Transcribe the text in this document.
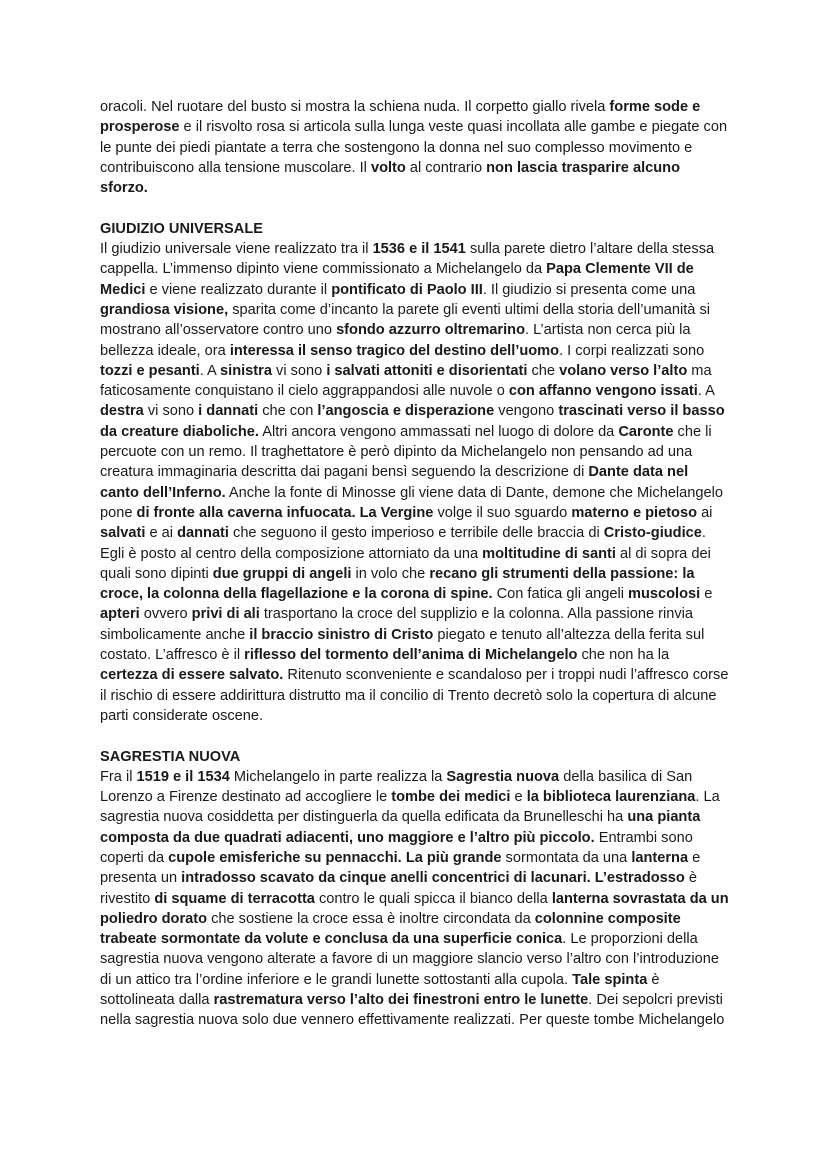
oracoli. Nel ruotare del busto si mostra la schiena nuda. Il corpetto giallo rivela forme sode e prosperose e il risvolto rosa si articola sulla lunga veste quasi incollata alle gambe e piegate con le punte dei piedi piantate a terra che sostengono la donna nel suo complesso movimento e contribuiscono alla tensione muscolare. Il volto al contrario non lascia trasparire alcuno sforzo.

GIUDIZIO UNIVERSALE

Il giudizio universale viene realizzato tra il 1536 e il 1541 sulla parete dietro l’altare della stessa cappella. L’immenso dipinto viene commissionato a Michelangelo da Papa Clemente VII de Medici e viene realizzato durante il pontificato di Paolo III. Il giudizio si presenta come una grandiosa visione, sparita come d’incanto la parete gli eventi ultimi della storia dell’umanità si mostrano all’osservatore contro uno sfondo azzurro oltremarino. L’artista non cerca più la bellezza ideale, ora interessa il senso tragico del destino dell’uomo. I corpi realizzati sono tozzi e pesanti. A sinistra vi sono i salvati attoniti e disorientati che volano verso l’alto ma faticosamente conquistano il cielo aggrappandosi alle nuvole o con affanno vengono issati. A destra vi sono i dannati che con l’angoscia e disperazione vengono trascinati verso il basso da creature diaboliche. Altri ancora vengono ammassati nel luogo di dolore da Caronte che li percuote con un remo. Il traghettatore è però dipinto da Michelangelo non pensando ad una creatura immaginaria descritta dai pagani bensì seguendo la descrizione di Dante data nel canto dell’Inferno. Anche la fonte di Minosse gli viene data di Dante, demone che Michelangelo pone di fronte alla caverna infuocata. La Vergine volge il suo sguardo materno e pietoso ai salvati e ai dannati che seguono il gesto imperioso e terribile delle braccia di Cristo-giudice. Egli è posto al centro della composizione attorniato da una moltitudine di santi al di sopra dei quali sono dipinti due gruppi di angeli in volo che recano gli strumenti della passione: la croce, la colonna della flagellazione e la corona di spine. Con fatica gli angeli muscolosi e apteri ovvero privi di ali trasportano la croce del supplizio e la colonna. Alla passione rinvia simbolicamente anche il braccio sinistro di Cristo piegato e tenuto all’altezza della ferita sul costato. L’affresco è il riflesso del tormento dell’anima di Michelangelo che non ha la certezza di essere salvato. Ritenuto sconveniente e scandaloso per i troppi nudi l’affresco corse il rischio di essere addirittura distrutto ma il concilio di Trento decretò solo la copertura di alcune parti considerate oscene.

SAGRESTIA NUOVA

Fra il 1519 e il 1534 Michelangelo in parte realizza la Sagrestia nuova della basilica di San Lorenzo a Firenze destinato ad accogliere le tombe dei medici e la biblioteca laurenziana. La sagrestia nuova cosiddetta per distinguerla da quella edificata da Brunelleschi ha una pianta composta da due quadrati adiacenti, uno maggiore e l’altro più piccolo. Entrambi sono coperti da cupole emisferiche su pennacchi. La più grande sormontata da una lanterna e presenta un intradosso scavato da cinque anelli concentrici di lacunari. L’estradosso è rivestito di squame di terracotta contro le quali spicca il bianco della lanterna sovrastata da un poliedro dorato che sostiene la croce essa è inoltre circondata da colonnine composite trabeate sormontate da volute e conclusa da una superficie conica. Le proporzioni della sagrestia nuova vengono alterate a favore di un maggiore slancio verso l’altro con l’introduzione di un attico tra l’ordine inferiore e le grandi lunette sottostanti alla cupola. Tale spinta è sottolineata dalla rastrematura verso l’alto dei finestroni entro le lunette. Dei sepolcri previsti nella sagrestia nuova solo due vennero effettivamente realizzati. Per queste tombe Michelangelo
